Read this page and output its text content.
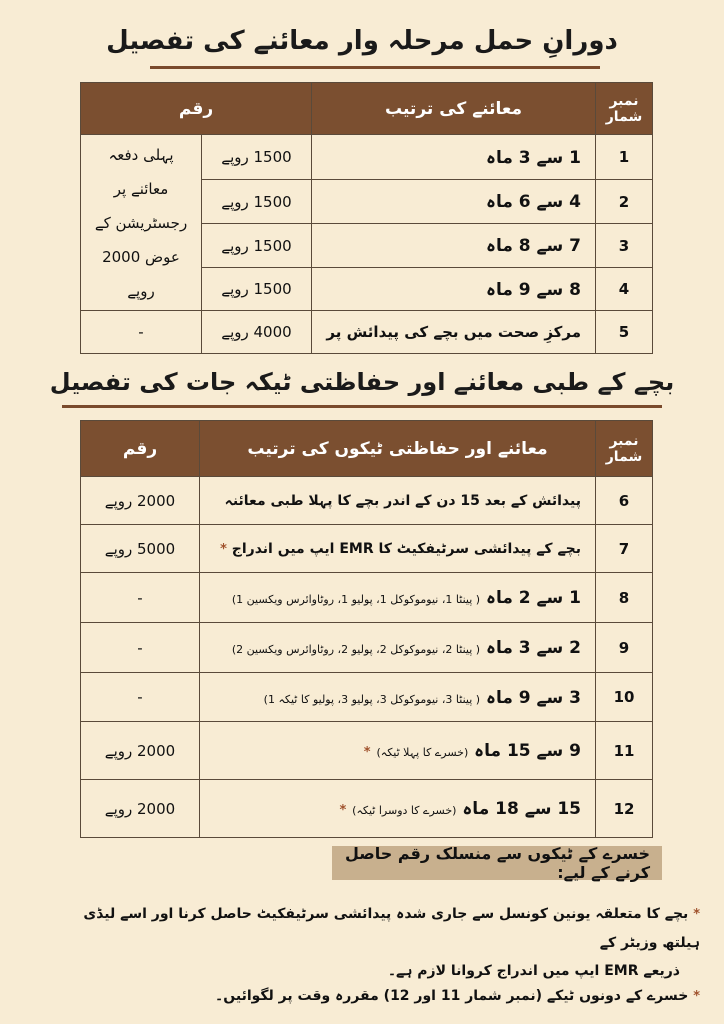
دورانِ حمل مرحلہ وار معائنے کی تفصیل
نمبر شمار	معائنے کی ترتیب	رقم	
1	1 سے 3 ماہ	1500 روپے	پہلی دفعہ معائنے پر رجسٹریشن کے عوض 2000 روپے
2	4 سے 6 ماہ	1500 روپے	
3	7 سے 8 ماہ	1500 روپے	
4	8 سے 9 ماہ	1500 روپے	
5	مرکزِ صحت میں بچے کی پیدائش پر	4000 روپے	-
بچے کے طبی معائنے اور حفاظتی ٹیکہ جات کی تفصیل
نمبر شمار	معائنے اور حفاظتی ٹیکوں کی ترتیب	رقم
6	پیدائش کے بعد 15 دن کے اندر بچے کا پہلا طبی معائنہ	2000 روپے
7	بچے کے پیدائشی سرٹیفکیٹ کا EMR ایپ میں اندراج *	5000 روپے
8	1 سے 2 ماہ ( پینٹا 1، نیوموکوکل 1، پولیو 1، روٹاوائرس ویکسین 1)	-
9	2 سے 3 ماہ ( پینٹا 2، نیوموکوکل 2، پولیو 2، روٹاوائرس ویکسین 2)	-
10	3 سے 9 ماہ ( پینٹا 3، نیوموکوکل 3، پولیو 3، پولیو کا ٹیکہ 1)	-
11	9 سے 15 ماہ (خسرے کا پہلا ٹیکہ) *	2000 روپے
12	15 سے 18 ماہ (خسرے کا دوسرا ٹیکہ) *	2000 روپے
خسرے کے ٹیکوں سے منسلک رقم حاصل کرنے کے لیے:
* بچے کا متعلقہ یونین کونسل سے جاری شدہ پیدائشی سرٹیفکیٹ حاصل کرنا اور اسے لیڈی ہیلتھ وزیٹر کے
ذریعے EMR ایپ میں اندراج کروانا لازم ہے۔
* خسرے کے دونوں ٹیکے (نمبر شمار 11 اور 12) مقررہ وقت پر لگوائیں۔
